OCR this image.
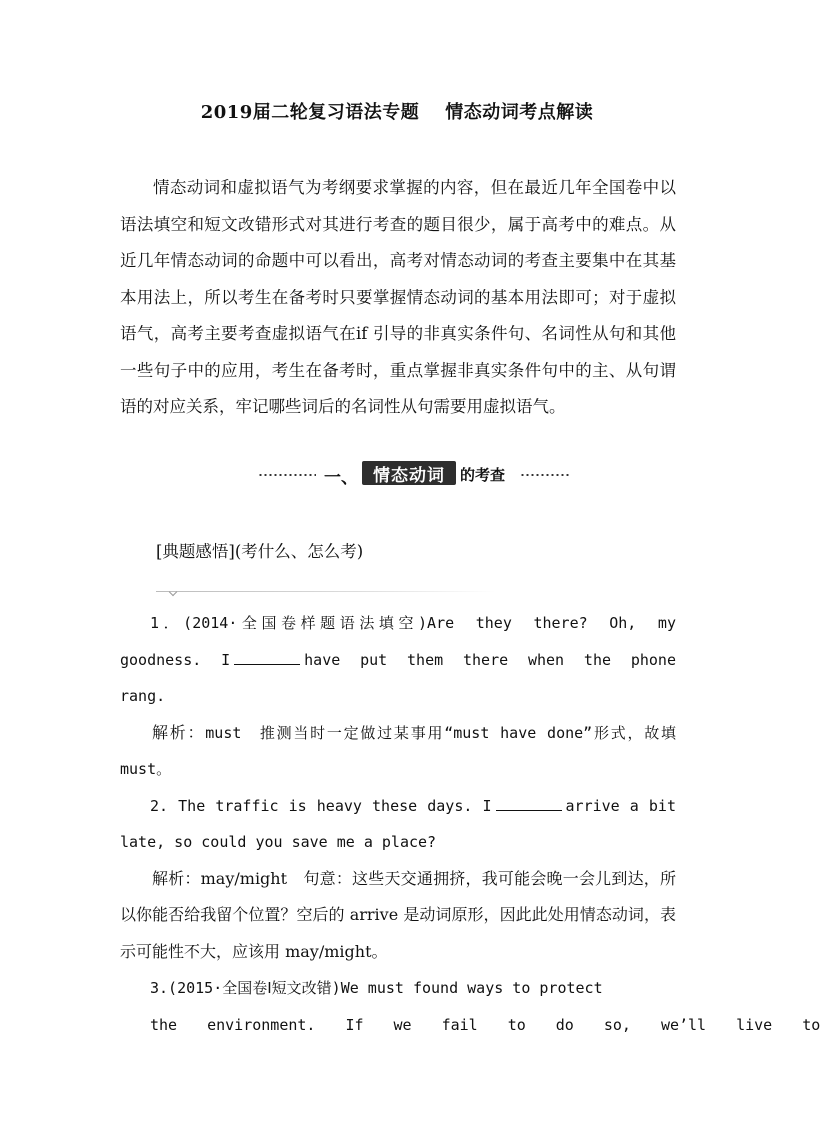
2019届二轮复习语法专题 情态动词考点解读

情态动词和虚拟语气为考纲要求掌握的内容，但在最近几年全国卷中以语法填空和短文改错形式对其进行考查的题目很少，属于高考中的难点。从近几年情态动词的命题中可以看出，高考对情态动词的考查主要集中在其基本用法上，所以考生在备考时只要掌握情态动词的基本用法即可；对于虚拟语气，高考主要考查虚拟语气在if 引导的非真实条件句、名词性从句和其他一些句子中的应用，考生在备考时，重点掌握非真实条件句中的主、从句谓语的对应关系，牢记哪些词后的名词性从句需要用虚拟语气。

一、 情态动词	的考查
[典题感悟](考什么、怎么考)

1．(2014·全国卷样题语法填空)Are they there? Oh, my goodness. I	have put them there when the phone rang.

解析：must　推测当时一定做过某事用“must have done”形式，故填 must。

2. The traffic is heavy these days. I	arrive a bit late, so could you save me a place?

解析：may/might　句意：这些天交通拥挤，我可能会晚一会儿到达，所以你能否给我留个位置？空后的 arrive 是动词原形，因此此处用情态动词，表示可能性不大，应该用 may/might。

3.(2015·全国卷Ⅰ短文改错)We must found ways to protect

the	environment.	If	we	fail	to	do	so,	we’ll	live	to
